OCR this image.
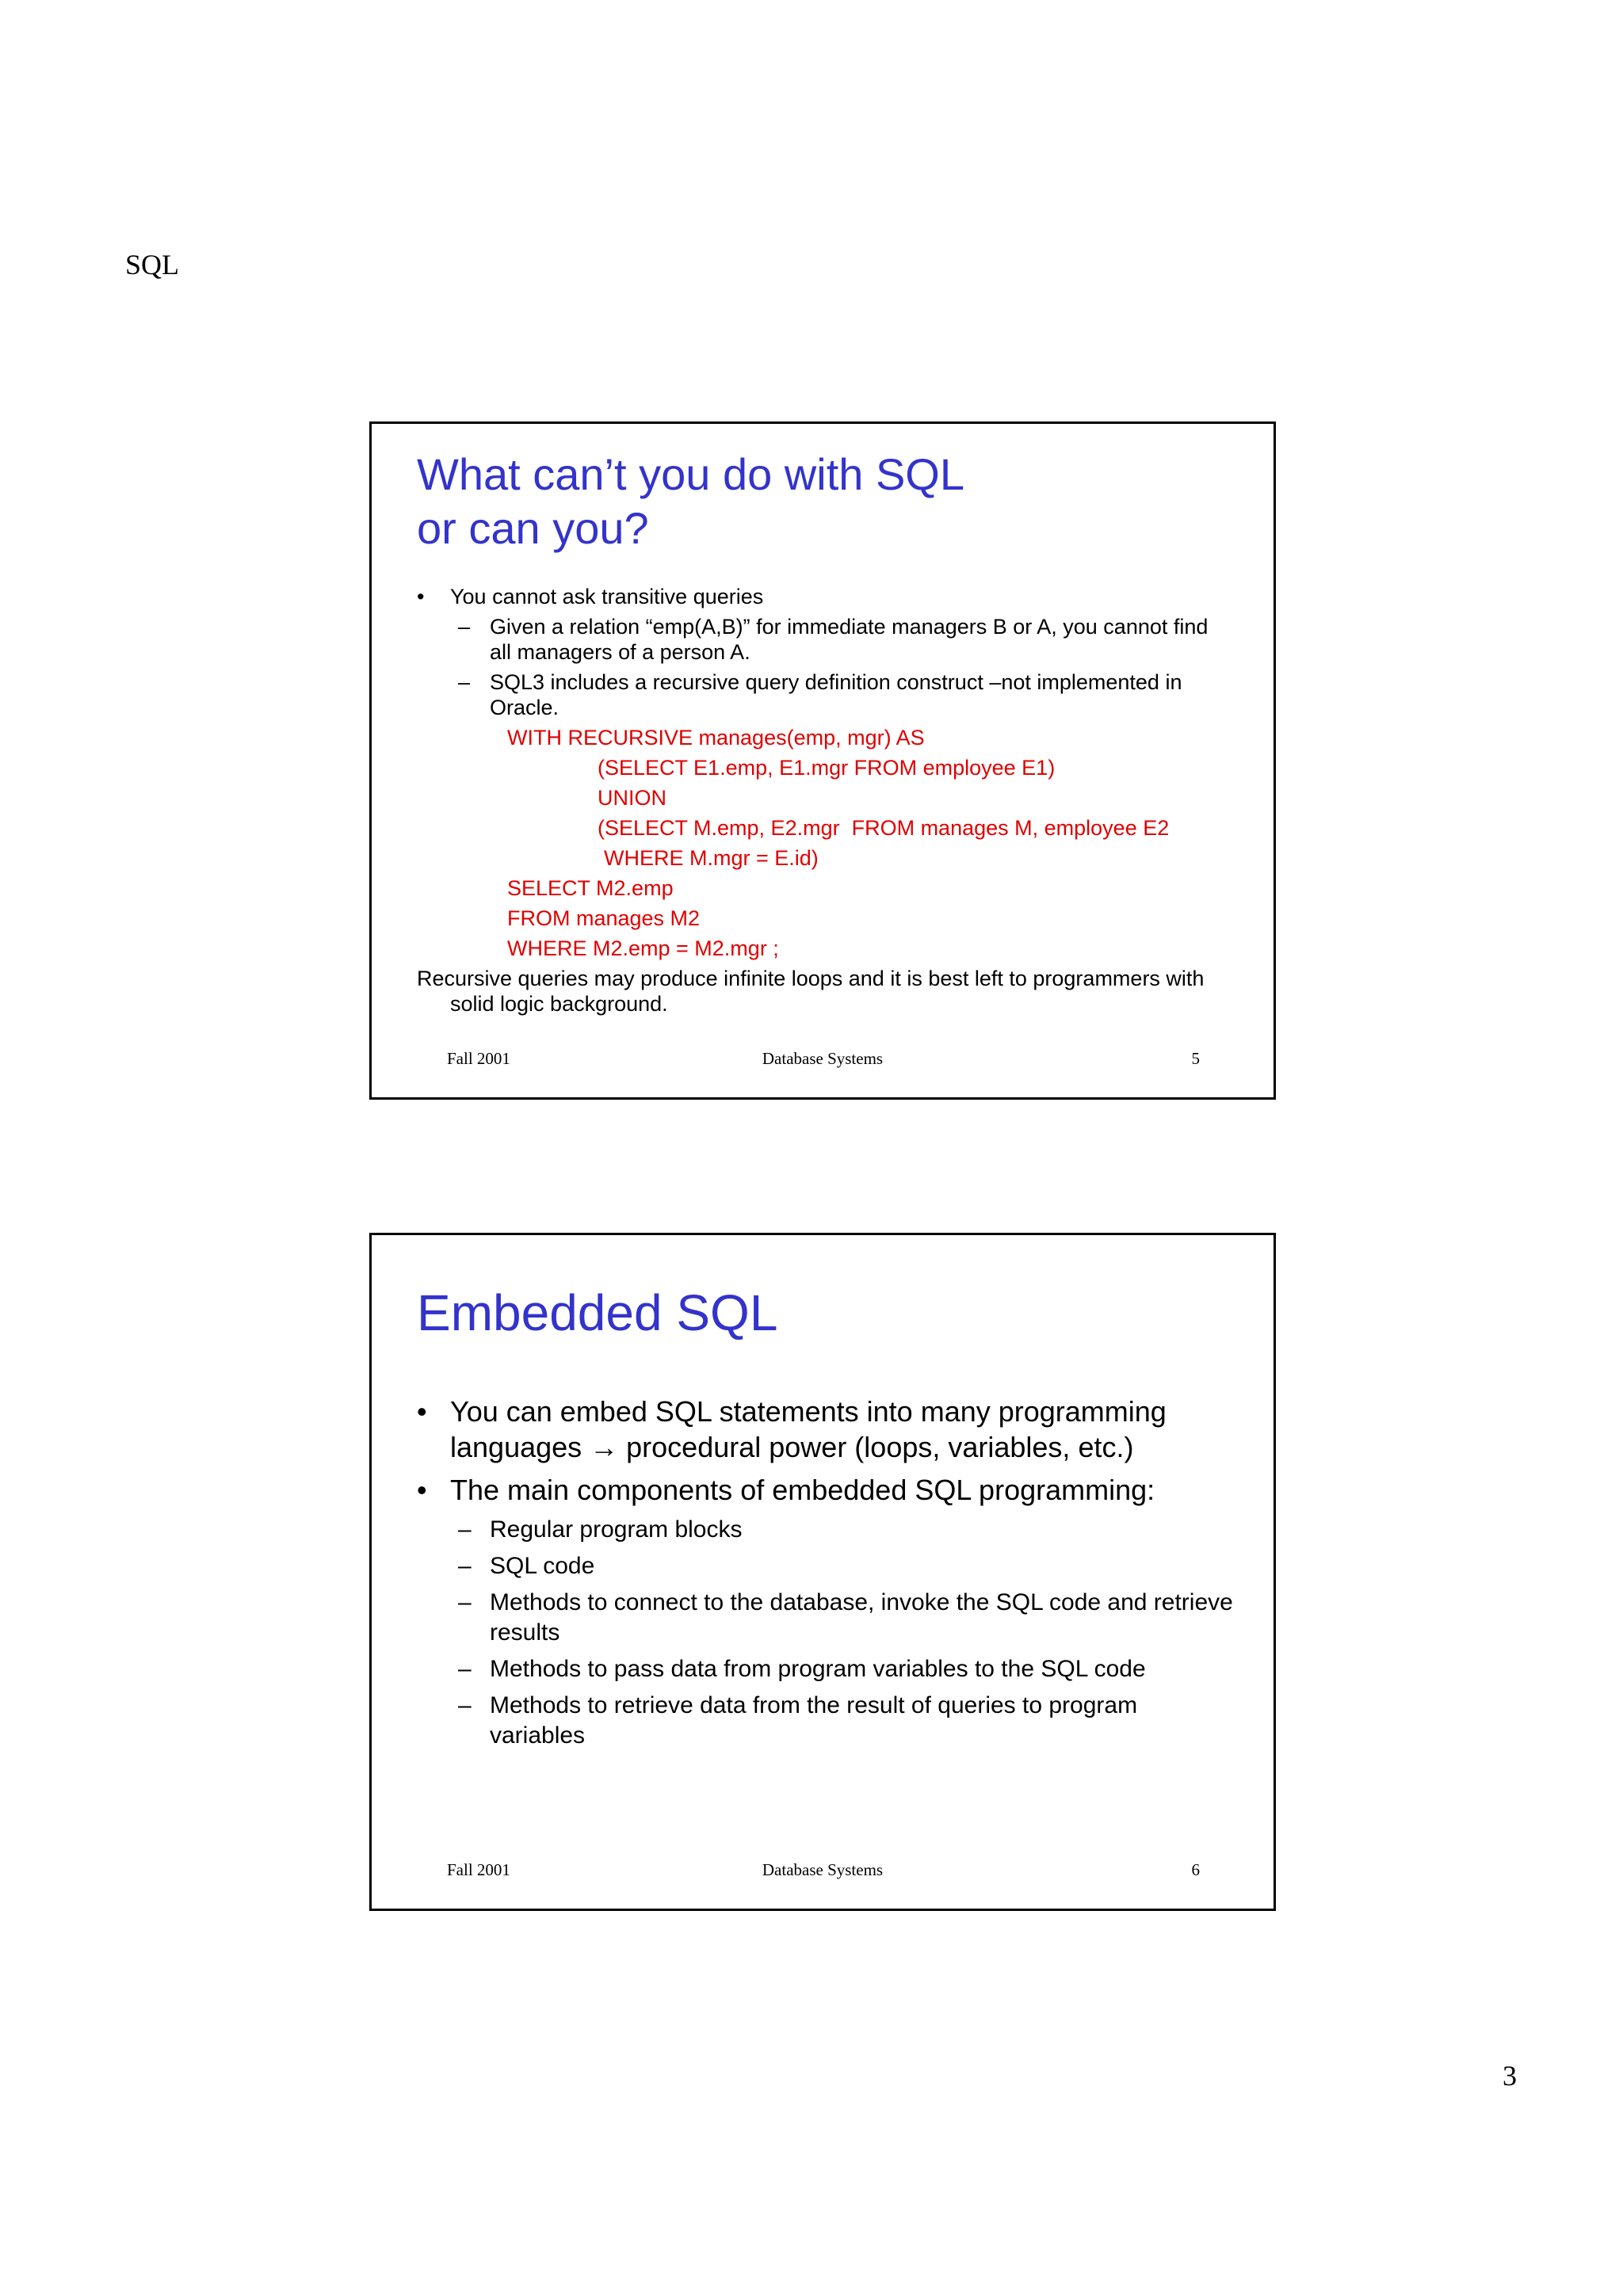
SQL
What can’t you do with SQL
or can you?
• You cannot ask transitive queries
– Given a relation “emp(A,B)” for immediate managers B or A, you cannot find all managers of a person A.
– SQL3 includes a recursive query definition construct –not implemented in Oracle.
WITH RECURSIVE manages(emp, mgr) AS
(SELECT E1.emp, E1.mgr FROM employee E1)
UNION
(SELECT M.emp, E2.mgr  FROM manages M, employee E2
WHERE M.mgr = E.id)
SELECT M2.emp
FROM manages M2
WHERE M2.emp = M2.mgr ;
Recursive queries may produce infinite loops and it is best left to programmers with solid logic background.
Fall 2001	Database Systems	5
Embedded SQL
• You can embed SQL statements into many programming languages → procedural power (loops, variables, etc.)
• The main components of embedded SQL programming:
– Regular program blocks
– SQL code
– Methods to connect to the database, invoke the SQL code and retrieve results
– Methods to pass data from program variables to the SQL code
– Methods to retrieve data from the result of queries to program variables
Fall 2001	Database Systems	6
3
